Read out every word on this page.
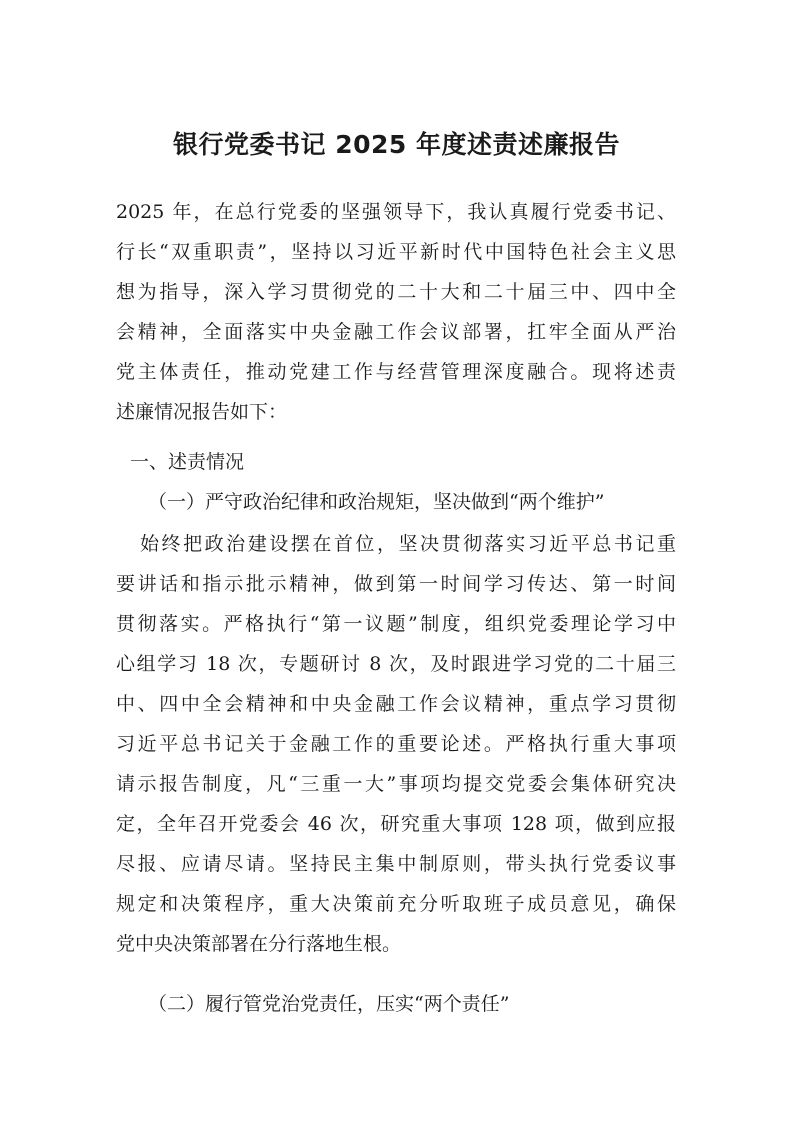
银行党委书记 2025 年度述责述廉报告

2025 年，在总行党委的坚强领导下，我认真履行党委书记、

行长“双重职责”，坚持以习近平新时代中国特色社会主义思

想为指导，深入学习贯彻党的二十大和二十届三中、四中全

会精神，全面落实中央金融工作会议部署，扛牢全面从严治

党主体责任，推动党建工作与经营管理深度融合。现将述责

述廉情况报告如下：

一、述责情况

（一）严守政治纪律和政治规矩，坚决做到“两个维护”

始终把政治建设摆在首位，坚决贯彻落实习近平总书记重

要讲话和指示批示精神，做到第一时间学习传达、第一时间

贯彻落实。严格执行“第一议题”制度，组织党委理论学习中

心组学习 18 次，专题研讨 8 次，及时跟进学习党的二十届三

中、四中全会精神和中央金融工作会议精神，重点学习贯彻

习近平总书记关于金融工作的重要论述。严格执行重大事项

请示报告制度，凡“三重一大”事项均提交党委会集体研究决

定，全年召开党委会 46 次，研究重大事项 128 项，做到应报

尽报、应请尽请。坚持民主集中制原则，带头执行党委议事

规定和决策程序，重大决策前充分听取班子成员意见，确保

党中央决策部署在分行落地生根。

（二）履行管党治党责任，压实“两个责任”
